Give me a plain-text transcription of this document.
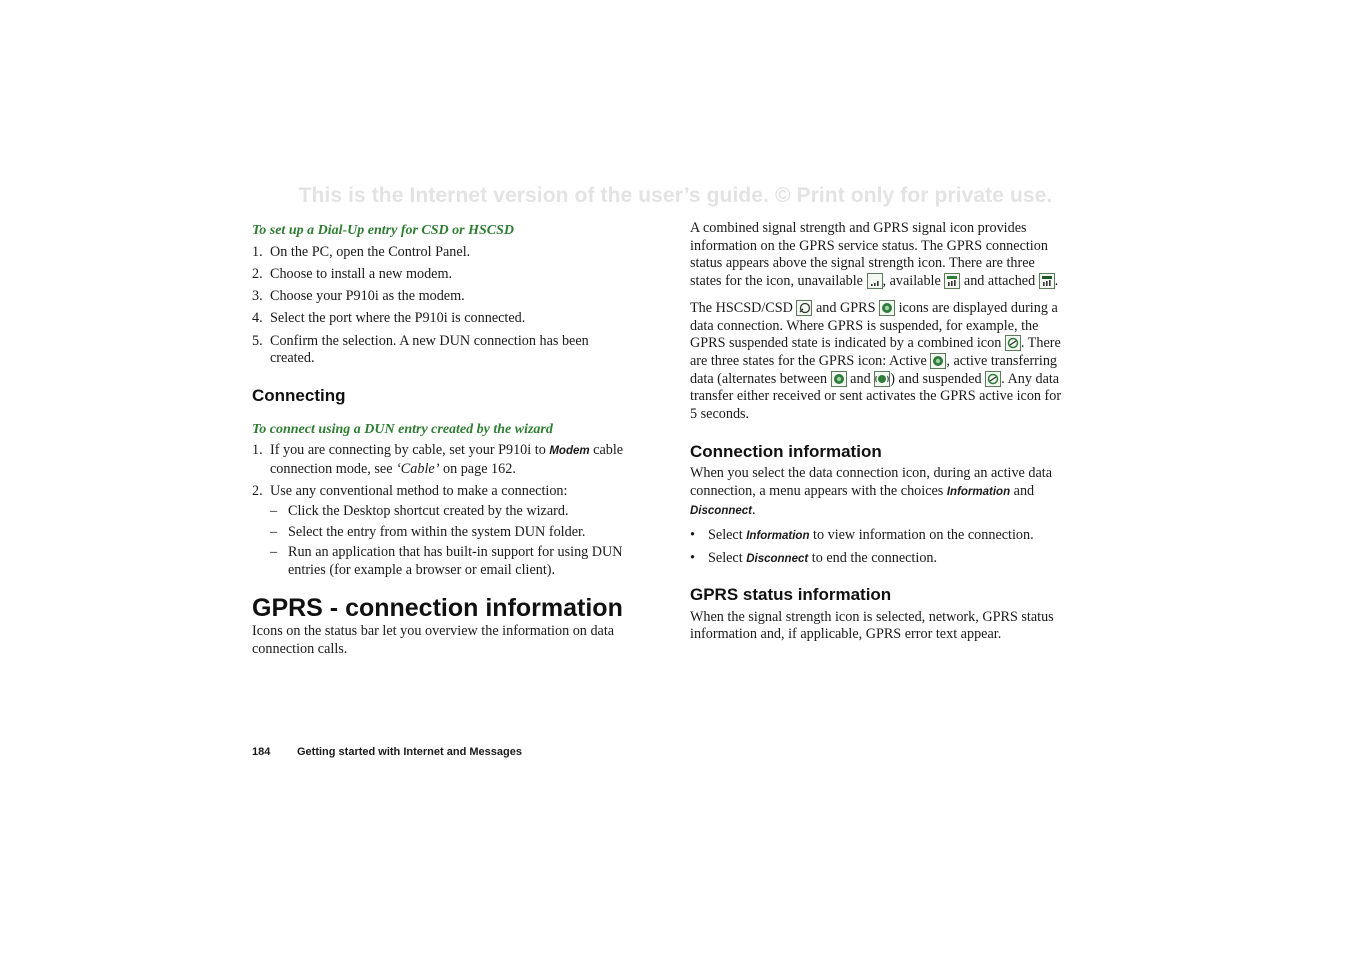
This is the Internet version of the user’s guide. © Print only for private use.
To set up a Dial-Up entry for CSD or HSCSD
1. On the PC, open the Control Panel.
2. Choose to install a new modem.
3. Choose your P910i as the modem.
4. Select the port where the P910i is connected.
5. Confirm the selection. A new DUN connection has been created.
Connecting
To connect using a DUN entry created by the wizard
1. If you are connecting by cable, set your P910i to Modem cable connection mode, see ‘Cable’ on page 162.
2. Use any conventional method to make a connection:
– Click the Desktop shortcut created by the wizard.
– Select the entry from within the system DUN folder.
– Run an application that has built-in support for using DUN entries (for example a browser or email client).
GPRS - connection information

Icons on the status bar let you overview the information on data connection calls.

A combined signal strength and GPRS signal icon provides information on the GPRS service status. The GPRS connection status appears above the signal strength icon. There are three states for the icon, unavailable
, available
and attached
.

The HSCSD/CSD
and GPRS
icons are displayed during a data connection. Where GPRS is suspended, for example, the GPRS suspended state is indicated by a combined icon
. There are three states for the GPRS icon: Active
, active transferring data (alternates between
and
) and suspended
. Any data transfer either received or sent activates the GPRS active icon for 5 seconds.

Connection information

When you select the data connection icon, during an active data connection, a menu appears with the choices Information and Disconnect.

• Select Information to view information on the connection.
• Select Disconnect to end the connection.
GPRS status information

When the signal strength icon is selected, network, GPRS status information and, if applicable, GPRS error text appear.

184 Getting started with Internet and Messages
